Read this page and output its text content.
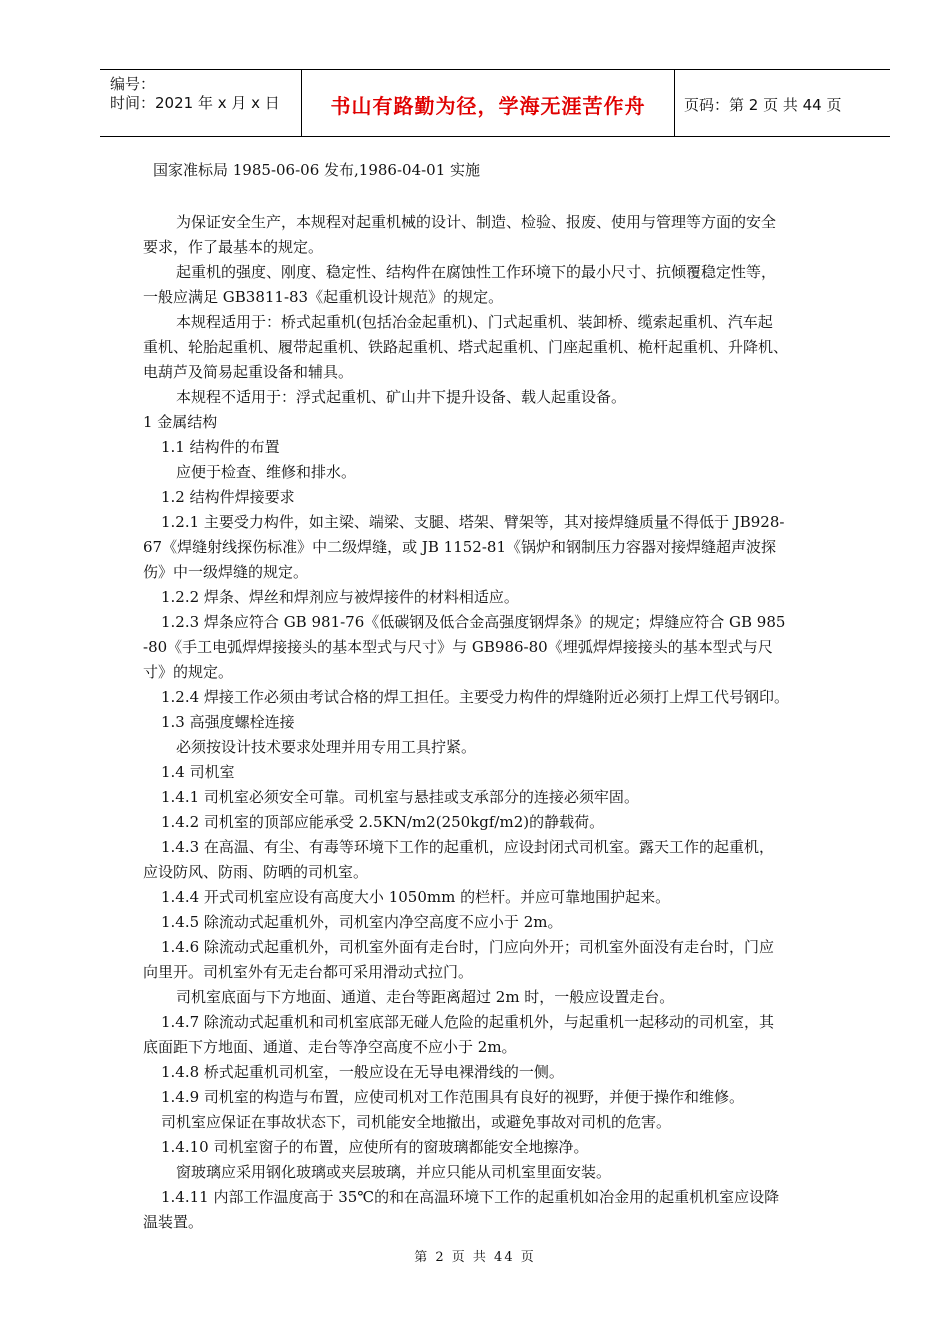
编号：
时间：2021 年 x 月 x 日	书山有路勤为径，学海无涯苦作舟	页码：第 2 页 共 44 页
国家准标局 1985-06-06 发布,1986-04-01 实施
为保证安全生产，本规程对起重机械的设计、制造、检验、报废、使用与管理等方面的安全
要求，作了最基本的规定。
起重机的强度、刚度、稳定性、结构件在腐蚀性工作环境下的最小尺寸、抗倾覆稳定性等，
一般应满足 GB3811-83《起重机设计规范》的规定。
本规程适用于：桥式起重机(包括冶金起重机)、门式起重机、装卸桥、缆索起重机、汽车起
重机、轮胎起重机、履带起重机、铁路起重机、塔式起重机、门座起重机、桅杆起重机、升降机、
电葫芦及简易起重设备和辅具。
本规程不适用于：浮式起重机、矿山井下提升设备、载人起重设备。
1 金属结构
1.1 结构件的布置
应便于检查、维修和排水。
1.2 结构件焊接要求
1.2.1 主要受力构件，如主梁、端梁、支腿、塔架、臂架等，其对接焊缝质量不得低于 JB928-
67《焊缝射线探伤标准》中二级焊缝，或 JB 1152-81《锅炉和钢制压力容器对接焊缝超声波探
伤》中一级焊缝的规定。
1.2.2 焊条、焊丝和焊剂应与被焊接件的材料相适应。
1.2.3 焊条应符合 GB 981-76《低碳钢及低合金高强度钢焊条》的规定；焊缝应符合 GB 985
-80《手工电弧焊焊接接头的基本型式与尺寸》与 GB986-80《埋弧焊焊接接头的基本型式与尺
寸》的规定。
1.2.4 焊接工作必须由考试合格的焊工担任。主要受力构件的焊缝附近必须打上焊工代号钢印。
1.3 高强度螺栓连接
必须按设计技术要求处理并用专用工具拧紧。
1.4 司机室
1.4.1 司机室必须安全可靠。司机室与悬挂或支承部分的连接必须牢固。
1.4.2 司机室的顶部应能承受 2.5KN/m2(250kgf/m2)的静载荷。
1.4.3 在高温、有尘、有毒等环境下工作的起重机，应设封闭式司机室。露天工作的起重机，
应设防风、防雨、防晒的司机室。
1.4.4 开式司机室应设有高度大小 1050mm 的栏杆。并应可靠地围护起来。
1.4.5 除流动式起重机外，司机室内净空高度不应小于 2m。
1.4.6 除流动式起重机外，司机室外面有走台时，门应向外开；司机室外面没有走台时，门应
向里开。司机室外有无走台都可采用滑动式拉门。
司机室底面与下方地面、通道、走台等距离超过 2m 时，一般应设置走台。
1.4.7 除流动式起重机和司机室底部无碰人危险的起重机外，与起重机一起移动的司机室，其
底面距下方地面、通道、走台等净空高度不应小于 2m。
1.4.8 桥式起重机司机室，一般应设在无导电裸滑线的一侧。
1.4.9 司机室的构造与布置，应使司机对工作范围具有良好的视野，并便于操作和维修。
司机室应保证在事故状态下，司机能安全地撤出，或避免事故对司机的危害。
1.4.10 司机室窗子的布置，应使所有的窗玻璃都能安全地擦净。
窗玻璃应采用钢化玻璃或夹层玻璃，并应只能从司机室里面安装。
1.4.11 内部工作温度高于 35℃的和在高温环境下工作的起重机如冶金用的起重机机室应设降
温装置。
第 2 页 共 44 页
